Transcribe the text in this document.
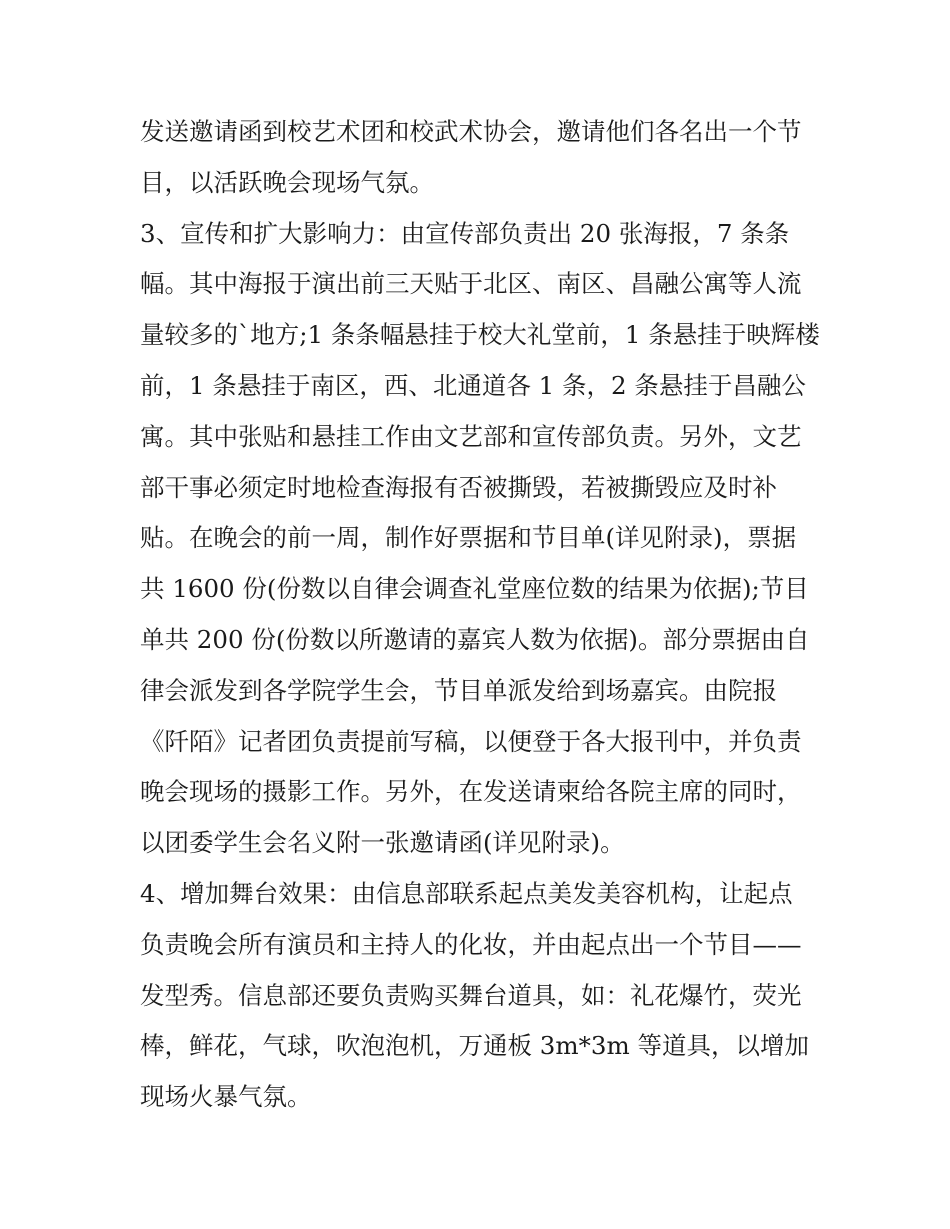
发送邀请函到校艺术团和校武术协会，邀请他们各名出一个节
目，以活跃晚会现场气氛。
3、宣传和扩大影响力：由宣传部负责出 20 张海报，7 条条
幅。其中海报于演出前三天贴于北区、南区、昌融公寓等人流
量较多的`地方;1 条条幅悬挂于校大礼堂前，1 条悬挂于映辉楼
前，1 条悬挂于南区，西、北通道各 1 条，2 条悬挂于昌融公
寓。其中张贴和悬挂工作由文艺部和宣传部负责。另外，文艺
部干事必须定时地检查海报有否被撕毁，若被撕毁应及时补
贴。在晚会的前一周，制作好票据和节目单(详见附录)，票据
共 1600 份(份数以自律会调查礼堂座位数的结果为依据);节目
单共 200 份(份数以所邀请的嘉宾人数为依据)。部分票据由自
律会派发到各学院学生会，节目单派发给到场嘉宾。由院报
《阡陌》记者团负责提前写稿，以便登于各大报刊中，并负责
晚会现场的摄影工作。另外，在发送请柬给各院主席的同时，
以团委学生会名义附一张邀请函(详见附录)。
4、增加舞台效果：由信息部联系起点美发美容机构，让起点
负责晚会所有演员和主持人的化妆，并由起点出一个节目——
发型秀。信息部还要负责购买舞台道具，如：礼花爆竹，荧光
棒，鲜花，气球，吹泡泡机，万通板 3m*3m 等道具，以增加
现场火暴气氛。
